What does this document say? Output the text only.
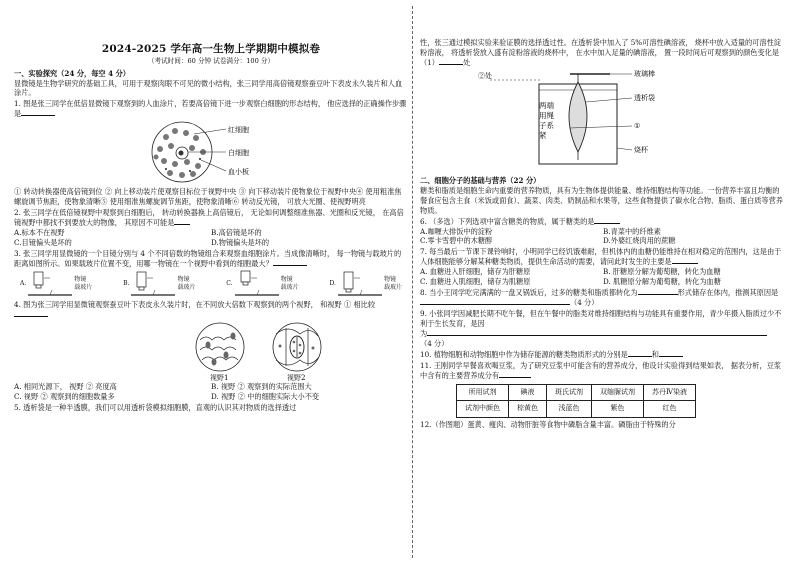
2024-2025 学年高一生物上学期期中模拟卷
（考试时间：60 分钟 试卷满分：100 分）
一、实验探究（24 分，每空 4 分）

显微镜是生物学研究的基础工具，可用于观察肉眼不可见的微小结构，张三同学用高倍镜观察蚕豆叶下表皮永久装片和人血涂片。

1. 图是张三同学在低倍显微镜下观察到的人血涂片，若要高倍镜下进一步观察白细胞的形态结构， 他应选择的正确操作步骤是

红细胞
白细胞
血小板

① 转动转换器使高倍镜到位 ② 向上移动装片使观察目标位于视野中央 ③ 向下移动装片使物象位于视野中央④ 使用粗准焦螺旋调节焦距，使物象清晰⑤ 使用细准焦螺旋调节焦距，使物象清晰⑥ 转动反光镜， 可放大光圈、使视野明亮

2. 张三同学在低倍镜视野中观察到白细胞后， 转动转换器换上高倍镜后， 无论如何调整细准焦器、光圈和反光镜， 在高倍镜视野中都找不到要放大的物像， 其原因不可能是

A.标本不在视野	B.高倍镜是坏的
C.目镜偏头是坏的	D.物镜偏头是坏的

3. 张三同学用显微镜的一个目镜分别与 4 个不同倍数的物镜组合来观察血细胞涂片。当成像清晰时， 每一物镜与载玻片的距离如图所示。如果载玻片位置不变，用哪一物镜在一个视野中看到的细胞最大？

A.
物镜
载玻片
B.
物镜
载玻片
C.
物镜
载玻片
D.
物镜
载玻片

4. 图为张三同学用显微镜观察蚕豆叶下表皮永久装片时，在不同放大倍数下观察到的两个视野， 和视野 ① 相比较

视野1	视野2
A. 相同光源下， 视野 ② 亮度高	B. 视野 ② 观察到的实际范围大
C. 视野 ② 观察到的细胞数量多	D. 视野 ② 中的细胞实际大小不变

5. 透析袋是一种半透膜，我们可以用透析袋模拟细胞膜，直观的认识其对物质的选择透过

性，张三通过模拟实验来验证膜的选择透过性。在透析袋中加入了 5%可溶性碘溶液， 烧杯中放入适量的可溶性淀粉溶液， 将透析袋放入盛有淀粉溶液的烧杯中， 在水中加入足量的碘溶液， 置一段时间后可观察到的颜色变化是（1）	处

②处
两端
用绳
子系
紧
玻璃棒
透析袋
①
烧杯
二、细胞分子的基础与营养（22 分）

糖类和脂质是细胞生命内重要的营养物质，具有为生物体提供能量、维持细胞结构等功能。一份营养丰富且均衡的餐食应包含主食（米饭或面食）、蔬菜、肉类、奶制品和水果等，这些食物提供了碳水化合物、脂质、蛋白质等营养物质。

6. （多选）下列选项中富含糖类的物质，属于糖类的是

A.咖喱大排饭中的淀粉	B.青菜中的纤维素
C.零卡雪碧中的木糖醇	D.外婆红烧肉用的蔗糖

7. 每当最后一节课下课铃响时，小明同学已经饥饿难耐，但机体内的血糖仍能维持在相对稳定的范围内，这是由于人体细胞能够分解某种糖类物质，提供生命活动的需要，请问此时发生的主要是

A. 血糖进入肝细胞，储存为肝糖原	B. 肝糖原分解为葡萄糖，转化为血糖
C. 血糖进入肌细胞，储存为肌糖原	D. 肌糖原分解为葡萄糖，转化为血糖

8. 当小王同学吃完满满的一盘又锅饭后，过多的糖类和脂质都转化为	形式储存在体内，推测其原因是（4 分）

9. 小张同学因减肥长期不吃午餐，但在午餐中的脂类对维持细胞结构与功能具有重要作用，青少年摄入脂质过少不利于生长发育，是因

为

（4 分）

10. 植物细胞和动物细胞中作为储存能源的糖类物质形式的分别是	和

11. 王刚同学早餐喜欢喝豆浆，为了研究豆浆中可能含有的营养成分，他设计实验得到结果如表， 据表分析，豆浆中含有的主要营养成分有

所用试剂	碘液	斑氏试剂	双缩脲试剂	苏丹Ⅳ染液
试剂中颜色	棕黄色	浅蓝色	紫色	红色

12.（作图题）蛋黄、瘦肉、动物肝脏等食物中磷脂含量丰富。磷脂由于特殊的分
